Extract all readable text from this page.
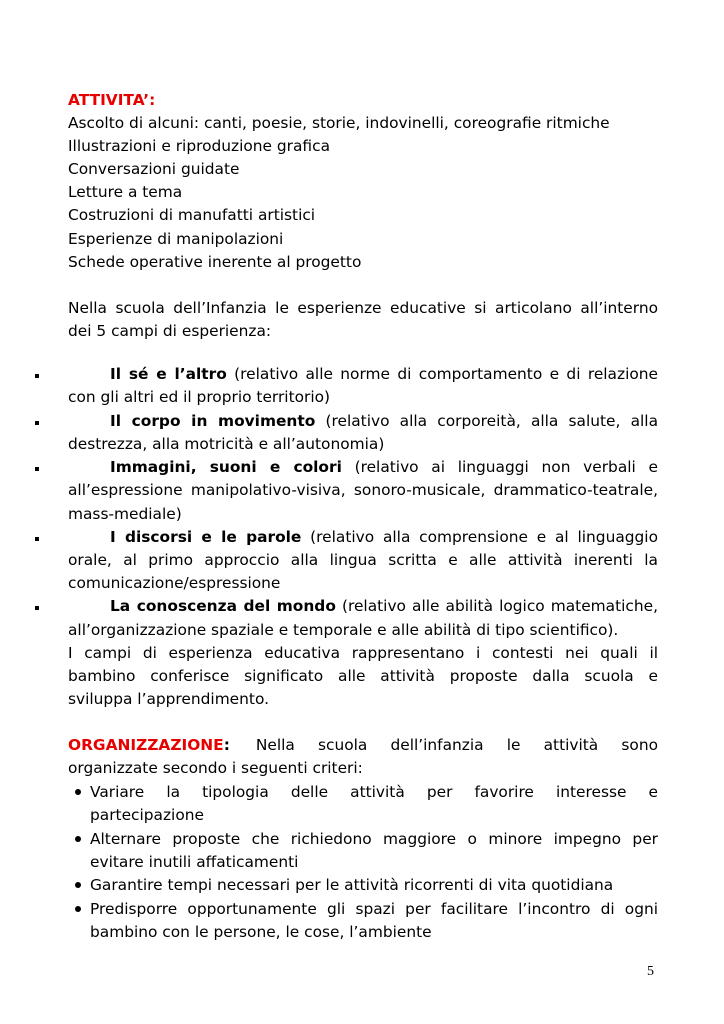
ATTIVITA’:
Ascolto di alcuni: canti, poesie, storie, indovinelli, coreografie ritmiche
Illustrazioni e riproduzione grafica
Conversazioni guidate
Letture a tema
Costruzioni di manufatti artistici
Esperienze di manipolazioni
Schede operative inerente al progetto
Nella scuola dell’Infanzia le esperienze educative si articolano all’interno
dei 5 campi di esperienza:
Il sé e l’altro (relativo alle norme di comportamento e di relazione
con gli altri ed il proprio territorio)
Il corpo in movimento (relativo alla corporeità, alla salute, alla
destrezza, alla motricità e all’autonomia)
Immagini, suoni e colori (relativo ai linguaggi non verbali e
all’espressione manipolativo-visiva, sonoro-musicale, drammatico-teatrale,
mass-mediale)
I discorsi e le parole (relativo alla comprensione e al linguaggio
orale, al primo approccio alla lingua scritta e alle attività inerenti la
comunicazione/espressione
La conoscenza del mondo (relativo alle abilità logico matematiche,
all’organizzazione spaziale e temporale e alle abilità di tipo scientifico).
I campi di esperienza educativa rappresentano i contesti nei quali il
bambino conferisce significato alle attività proposte dalla scuola e
sviluppa l’apprendimento.
ORGANIZZAZIONE: Nella scuola dell’infanzia le attività sono
organizzate secondo i seguenti criteri:
Variare la tipologia delle attività per favorire interesse e
partecipazione
Alternare proposte che richiedono maggiore o minore impegno per
evitare inutili affaticamenti
Garantire tempi necessari per le attività ricorrenti di vita quotidiana
Predisporre opportunamente gli spazi per facilitare l’incontro di ogni
bambino con le persone, le cose, l’ambiente
5
